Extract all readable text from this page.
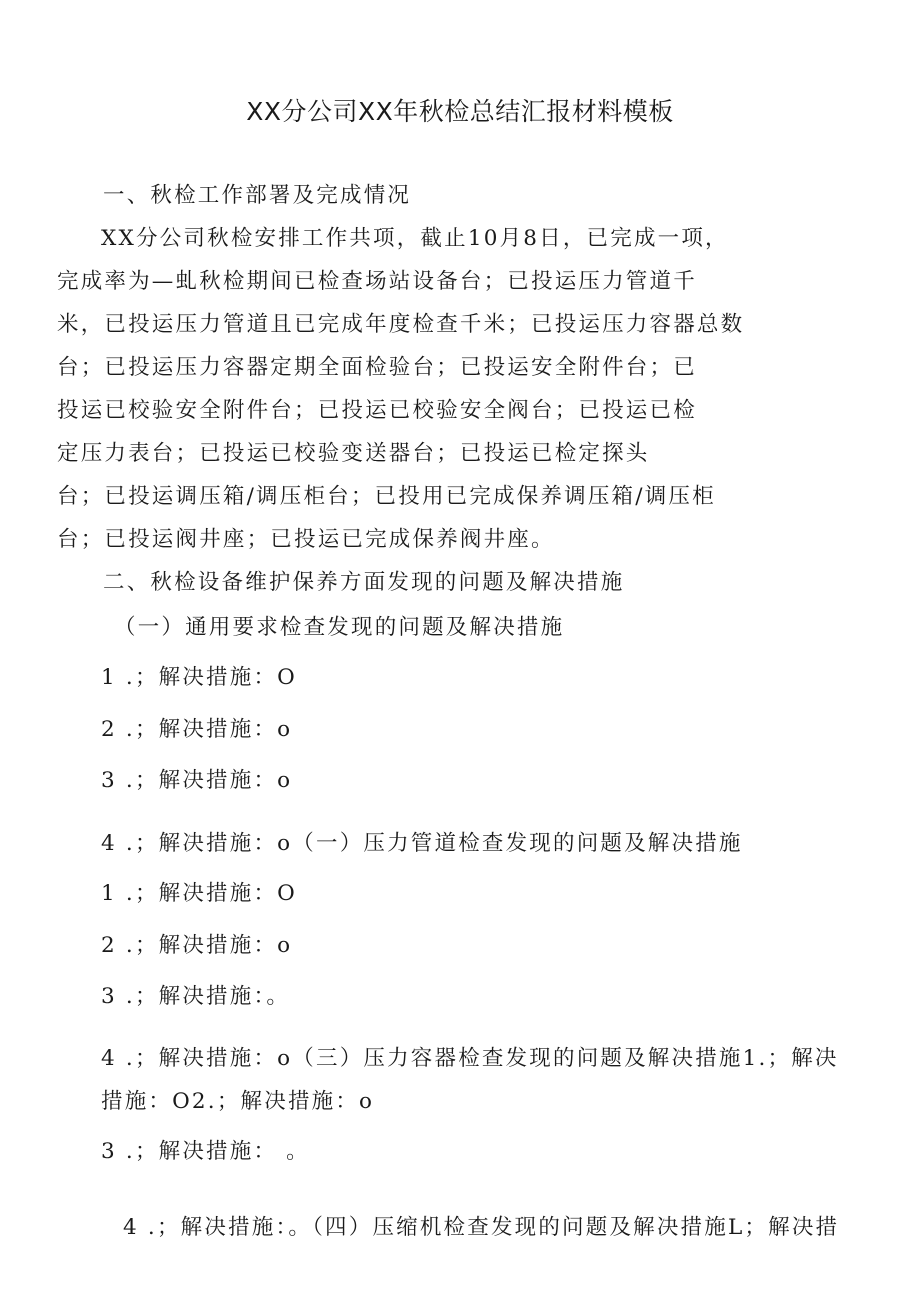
XX分公司XX年秋检总结汇报材料模板
一、秋检工作部署及完成情况
XX分公司秋检安排工作共项，截止10月8日，已完成一项，
完成率为—虬秋检期间已检查场站设备台；已投运压力管道千
米，已投运压力管道且已完成年度检查千米；已投运压力容器总数
台；已投运压力容器定期全面检验台；已投运安全附件台；已
投运已校验安全附件台；已投运已校验安全阀台；已投运已检
定压力表台；已投运已校验变送器台；已投运已检定探头
台；已投运调压箱/调压柜台；已投用已完成保养调压箱/调压柜
台；已投运阀井座；已投运已完成保养阀井座。
二、秋检设备维护保养方面发现的问题及解决措施
（一）通用要求检查发现的问题及解决措施
1 .；解决措施：O
2 .；解决措施：o
3 .；解决措施：o
4 .；解决措施：o（一）压力管道检查发现的问题及解决措施
1 .；解决措施：O
2 .；解决措施：o
3 .；解决措施：。
4 .；解决措施：o（三）压力容器检查发现的问题及解决措施1.；解决
措施：O2.；解决措施：o
3 .；解决措施： 。
4 .；解决措施：。（四）压缩机检查发现的问题及解决措施L；解决措
